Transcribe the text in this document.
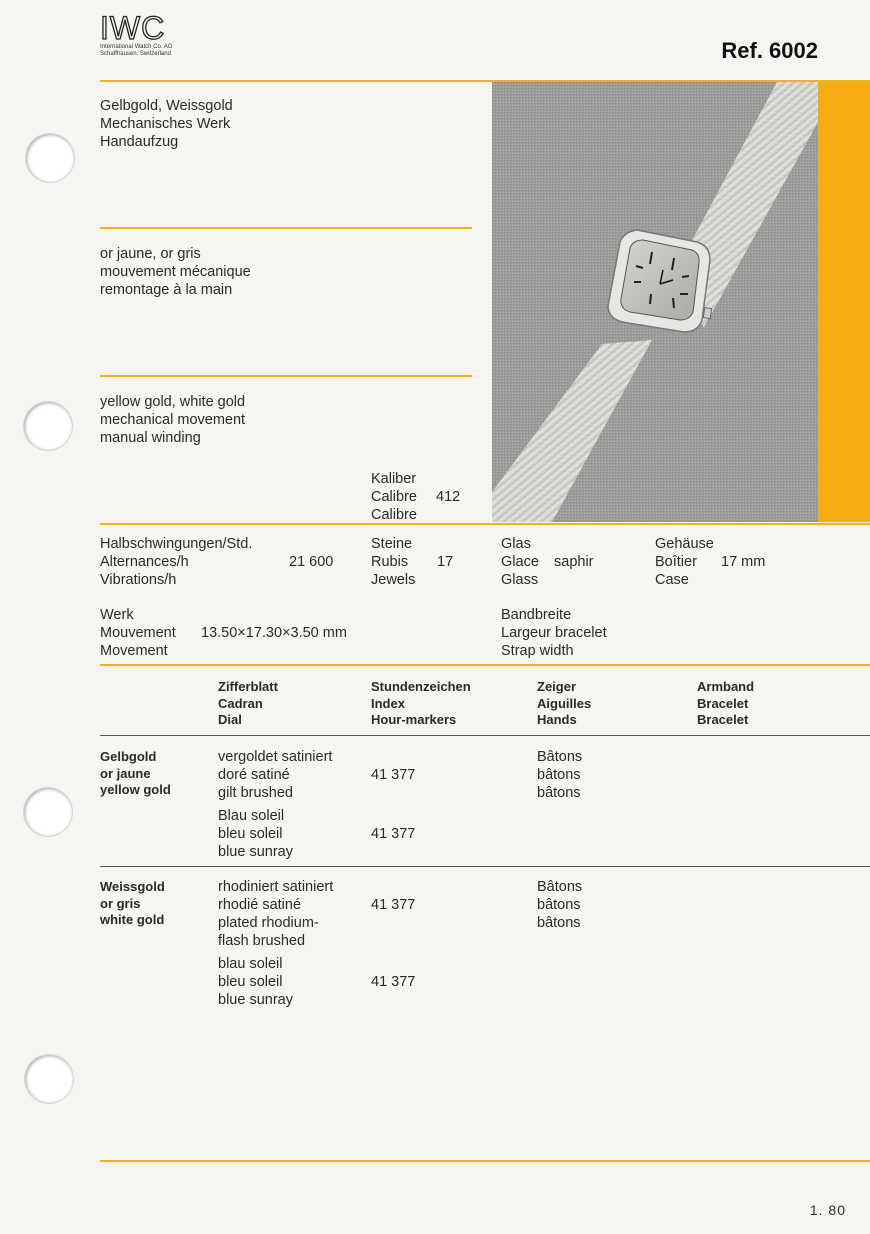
IWC
International Watch Co. AG
Schaffhausen, Switzerland	Ref. 6002
Gelbgold, Weissgold
Mechanisches Werk
Handaufzug
or jaune, or gris
mouvement mécanique
remontage à la main
yellow gold, white gold
mechanical movement
manual winding
Kaliber
Calibre
Calibre
412
Halbschwingungen/Std.
Alternances/h
Vibrations/h
21 600
Steine
Rubis
Jewels
17
Glas
Glace
Glass
saphir
Gehäuse
Boîtier
Case
17 mm
Werk
Mouvement
Movement
13.50×17.30×3.50 mm
Bandbreite
Largeur bracelet
Strap width
Zifferblatt
Cadran
Dial
Stundenzeichen
Index
Hour-markers
Zeiger
Aiguilles
Hands
Armband
Bracelet
Bracelet
Gelbgold
or jaune
yellow gold
vergoldet satiniert
doré satiné
gilt brushed
41 377
Bâtons
bâtons
bâtons
Blau soleil
bleu soleil
blue sunray
41 377
Weissgold
or gris
white gold
rhodiniert satiniert
rhodié satiné
plated rhodium-
flash brushed
41 377
Bâtons
bâtons
bâtons
blau soleil
bleu soleil
blue sunray
41 377
1. 80
